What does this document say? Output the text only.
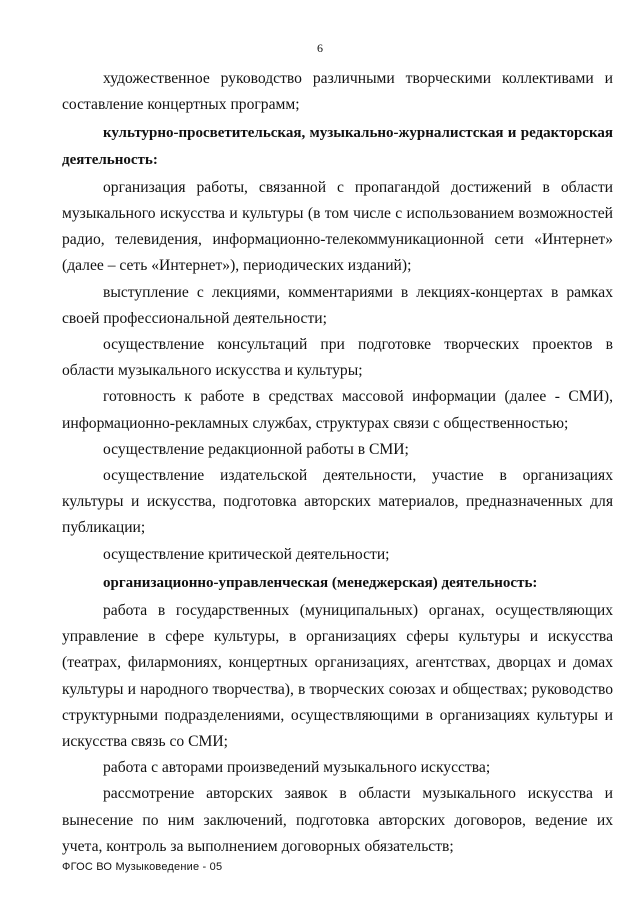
6

художественное руководство различными творческими коллективами и составление концертных программ;

культурно-просветительская, музыкально-журналистская и редакторская деятельность:

организация работы, связанной с пропагандой достижений в области музыкального искусства и культуры (в том числе с использованием возможностей радио, телевидения, информационно-телекоммуникационной сети «Интернет» (далее – сеть «Интернет»), периодических изданий);

выступление с лекциями, комментариями в лекциях-концертах в рамках своей профессиональной деятельности;

осуществление консультаций при подготовке творческих проектов в области музыкального искусства и культуры;

готовность к работе в средствах массовой информации (далее - СМИ), информационно-рекламных службах, структурах связи с общественностью;

осуществление редакционной работы в СМИ;

осуществление издательской деятельности, участие в организациях культуры и искусства, подготовка авторских материалов, предназначенных для публикации;

осуществление критической деятельности;

организационно-управленческая (менеджерская) деятельность:

работа в государственных (муниципальных) органах, осуществляющих управление в сфере культуры, в организациях сферы культуры и искусства (театрах, филармониях, концертных организациях, агентствах, дворцах и домах культуры и народного творчества), в творческих союзах и обществах; руководство структурными подразделениями, осуществляющими в организациях культуры и искусства связь со СМИ;

работа с авторами произведений музыкального искусства;

рассмотрение авторских заявок в области музыкального искусства и вынесение по ним заключений, подготовка авторских договоров, ведение их учета, контроль за выполнением договорных обязательств;

ФГОС ВО Музыковедение - 05
